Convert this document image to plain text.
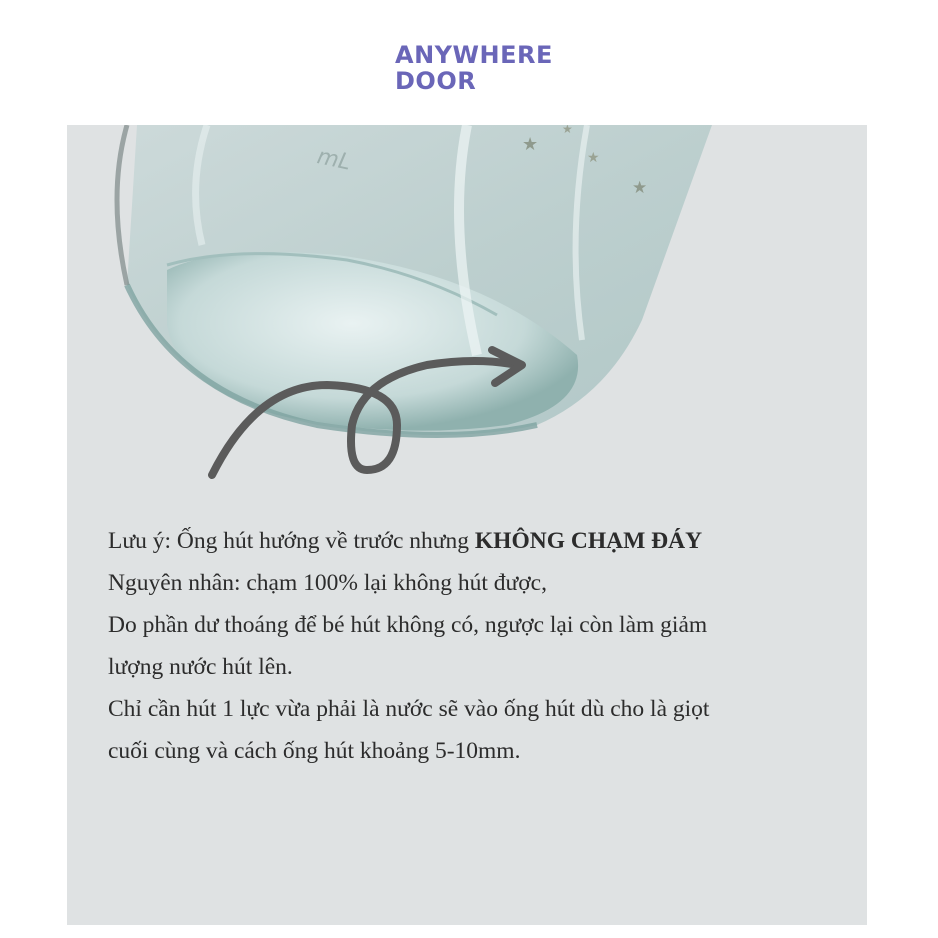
ANYWHERE
DOOR
★
★
★
★
mL

Lưu ý: Ống hút hướng về trước nhưng KHÔNG CHẠM ĐÁY

Nguyên nhân: chạm 100% lại không hút được,

Do phần dư thoáng để bé hút không có, ngược lại còn làm giảm

lượng nước hút lên.

Chỉ cần hút 1 lực vừa phải là nước sẽ vào ống hút dù cho là giọt

cuối cùng và cách ống hút khoảng 5-10mm.
